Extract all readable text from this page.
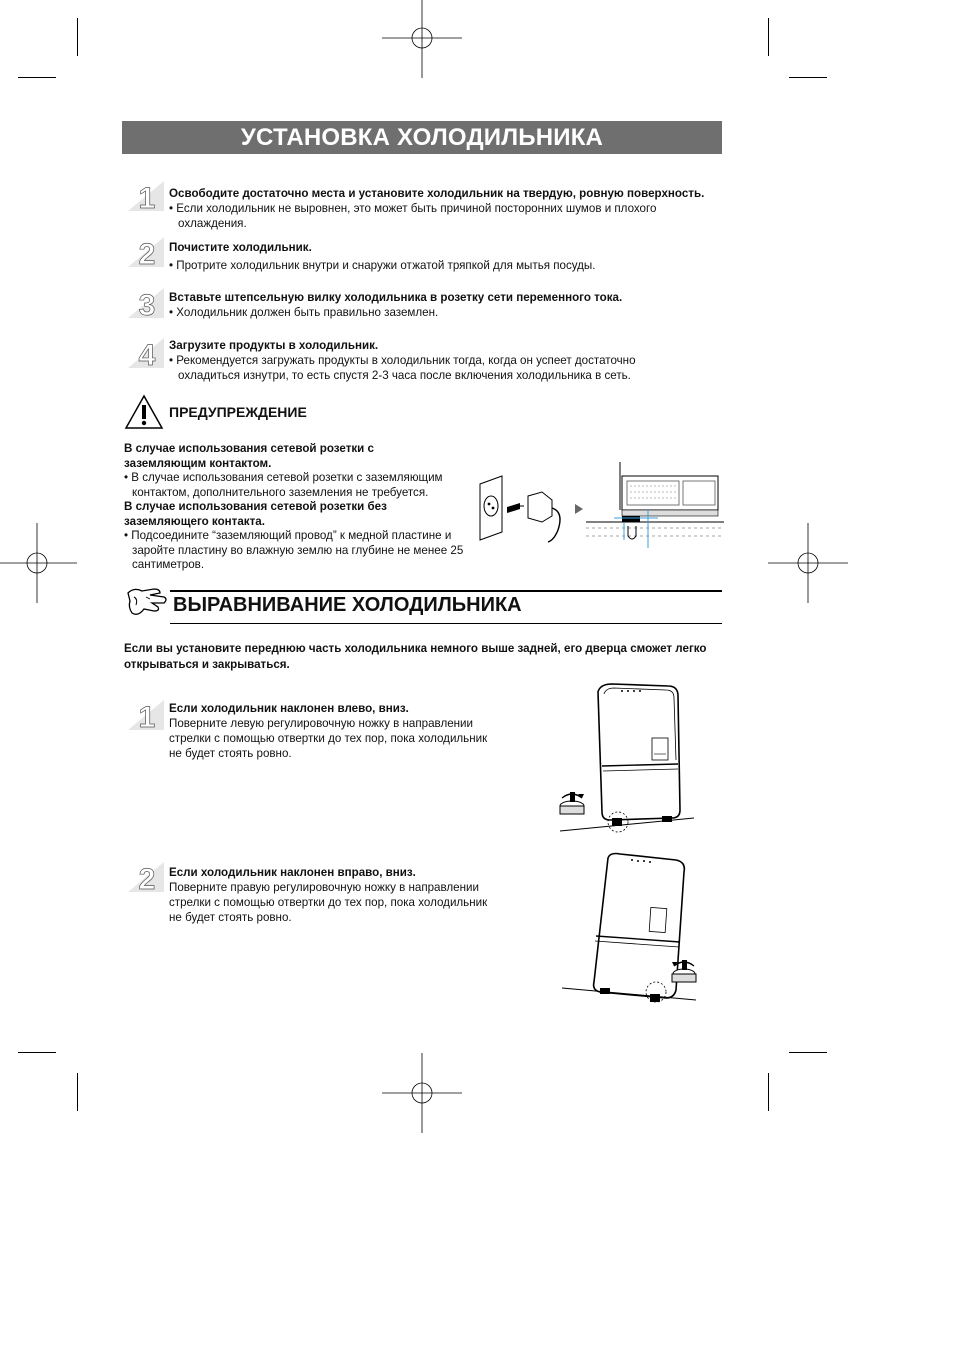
УСТАНОВКА ХОЛОДИЛЬНИКА
1
2
3
4
Освободите достаточно места и установите холодильник на твердую, ровную поверхность.
• Если холодильник не выровнен, это может быть причиной посторонних шумов и плохого охлаждения.
Почистите холодильник.
• Протрите холодильник внутри и снаружи отжатой тряпкой для мытья посуды.
Вставьте штепсельную вилку холодильника в розетку сети переменного тока.
• Холодильник должен быть правильно заземлен.
Загрузите продукты в холодильник.
• Рекомендуется загружать продукты в холодильник тогда, когда он успеет достаточно охладиться изнутри, то есть спустя 2-3 часа после включения холодильника в сеть.
ПРЕДУПРЕЖДЕНИЕ
В случае использования сетевой розетки с заземляющим контактом.
• В случае использования сетевой розетки с заземляющим контактом, дополнительного заземления не требуется.
В случае использования сетевой розетки без заземляющего контакта.
• Подсоедините “заземляющий провод” к медной пластине и заройте пластину во влажную землю на глубине не менее 25 сантиметров.
ВЫРАВНИВАНИЕ ХОЛОДИЛЬНИКА
Если вы установите переднюю часть холодильника немного выше задней, его дверца сможет легко открываться и закрываться.
1
2
Если холодильник наклонен влево, вниз.
Поверните левую регулировочную ножку в направлении стрелки с помощью отвертки до тех пор, пока холодильник не будет стоять ровно.
Если холодильник наклонен вправо, вниз.
Поверните правую регулировочную ножку в направлении стрелки с помощью отвертки до тех пор, пока холодильник не будет стоять ровно.
